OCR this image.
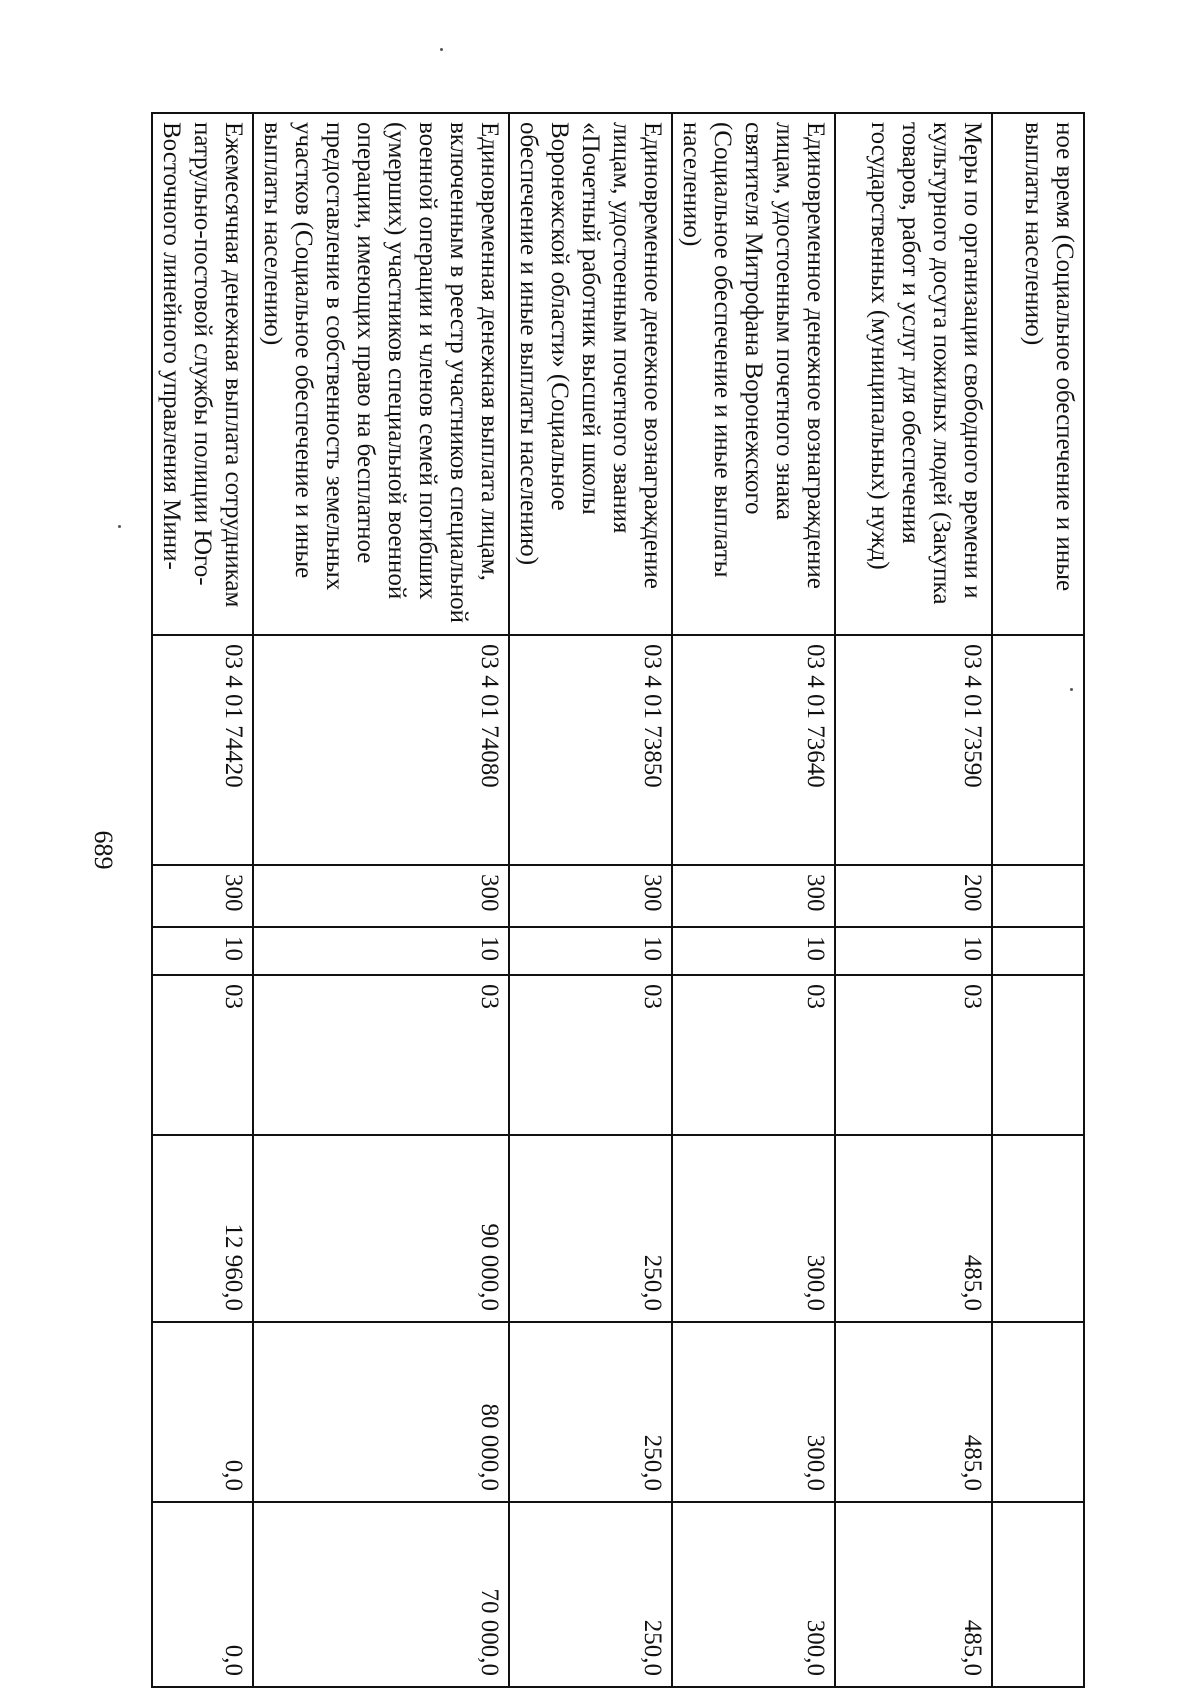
689
ное время (Социальное обеспечение и иные выплаты населению)							
Меры по организации свободного времени и культурного досуга пожилых людей (Закупка товаров, работ и услуг для обеспечения государственных (муниципальных) нужд)	03 4 01 73590	200	10	03	485,0	485,0	485,0
Единовременное денежное вознаграждение лицам, удостоенным почетного знака святителя Митрофана Воронежского (Социальное обеспечение и иные выплаты населению)	03 4 01 73640	300	10	03	300,0	300,0	300,0
Единовременное денежное вознаграждение лицам, удостоенным почетного звания «Почетный работник высшей школы Воронежской области» (Социальное обеспечение и иные выплаты населению)	03 4 01 73850	300	10	03	250,0	250,0	250,0
Единовременная денежная выплата лицам, включенным в реестр участников специальной военной операции и членов семей погибших (умерших) участников специальной военной операции, имеющих право на бесплатное предоставление в собственность земельных участков (Социальное обеспечение и иные выплаты населению)	03 4 01 74080	300	10	03	90 000,0	80 000,0	70 000,0
Ежемесячная денежная выплата сотрудникам патрульно-постовой службы полиции Юго-Восточного линейного управления Мини-	03 4 01 74420	300	10	03	12 960,0	0,0	0,0
